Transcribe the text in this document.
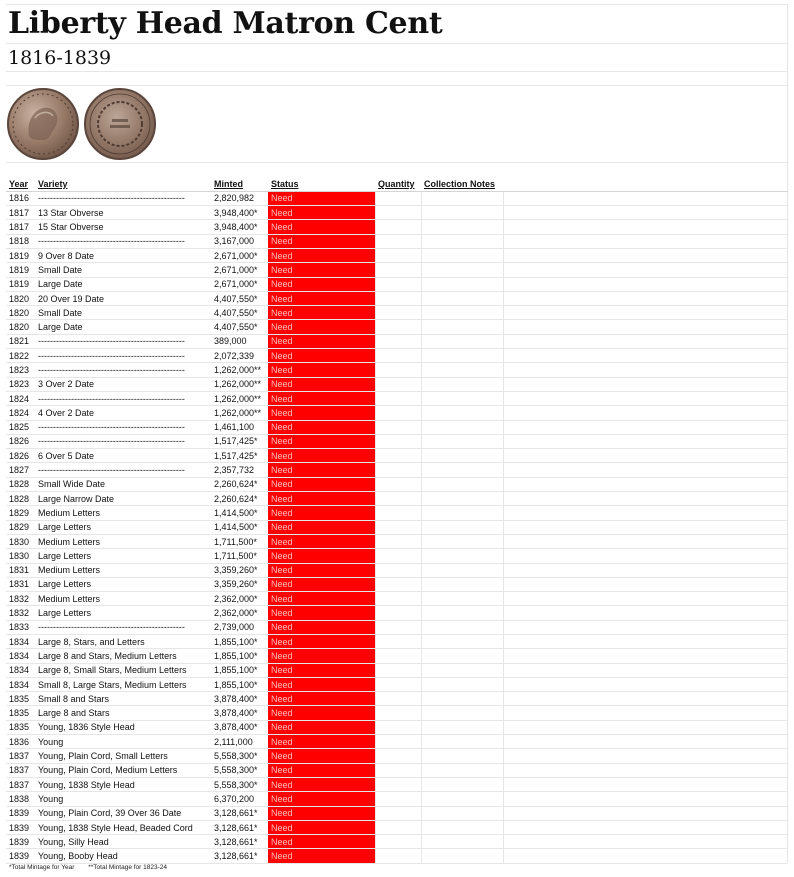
Liberty Head Matron Cent
1816-1839
Year	Variety	Minted	Status	Quantity	Collection Notes	
1816	-------------------------------------------------	2,820,982	Need			
1817	13 Star Obverse	3,948,400*	Need			
1817	15 Star Obverse	3,948,400*	Need			
1818	-------------------------------------------------	3,167,000	Need			
1819	9 Over 8 Date	2,671,000*	Need			
1819	Small Date	2,671,000*	Need			
1819	Large Date	2,671,000*	Need			
1820	20 Over 19 Date	4,407,550*	Need			
1820	Small Date	4,407,550*	Need			
1820	Large Date	4,407,550*	Need			
1821	-------------------------------------------------	389,000	Need			
1822	-------------------------------------------------	2,072,339	Need			
1823	-------------------------------------------------	1,262,000**	Need			
1823	3 Over 2 Date	1,262,000**	Need			
1824	-------------------------------------------------	1,262,000**	Need			
1824	4 Over 2 Date	1,262,000**	Need			
1825	-------------------------------------------------	1,461,100	Need			
1826	-------------------------------------------------	1,517,425*	Need			
1826	6 Over 5 Date	1,517,425*	Need			
1827	-------------------------------------------------	2,357,732	Need			
1828	Small Wide Date	2,260,624*	Need			
1828	Large Narrow Date	2,260,624*	Need			
1829	Medium Letters	1,414,500*	Need			
1829	Large Letters	1,414,500*	Need			
1830	Medium Letters	1,711,500*	Need			
1830	Large Letters	1,711,500*	Need			
1831	Medium Letters	3,359,260*	Need			
1831	Large Letters	3,359,260*	Need			
1832	Medium Letters	2,362,000*	Need			
1832	Large Letters	2,362,000*	Need			
1833	-------------------------------------------------	2,739,000	Need			
1834	Large 8, Stars, and Letters	1,855,100*	Need			
1834	Large 8 and Stars, Medium Letters	1,855,100*	Need			
1834	Large 8, Small Stars, Medium Letters	1,855,100*	Need			
1834	Small 8, Large Stars, Medium Letters	1,855,100*	Need			
1835	Small 8 and Stars	3,878,400*	Need			
1835	Large 8 and Stars	3,878,400*	Need			
1835	Young, 1836 Style Head	3,878,400*	Need			
1836	Young	2,111,000	Need			
1837	Young, Plain Cord, Small Letters	5,558,300*	Need			
1837	Young, Plain Cord, Medium Letters	5,558,300*	Need			
1837	Young, 1838 Style Head	5,558,300*	Need			
1838	Young	6,370,200	Need			
1839	Young, Plain Cord, 39 Over 36 Date	3,128,661*	Need			
1839	Young, 1838 Style Head, Beaded Cord	3,128,661*	Need			
1839	Young, Silly Head	3,128,661*	Need			
1839	Young, Booby Head	3,128,661*	Need			
*Total Mintage for Year **Total Mintage for 1823-24
